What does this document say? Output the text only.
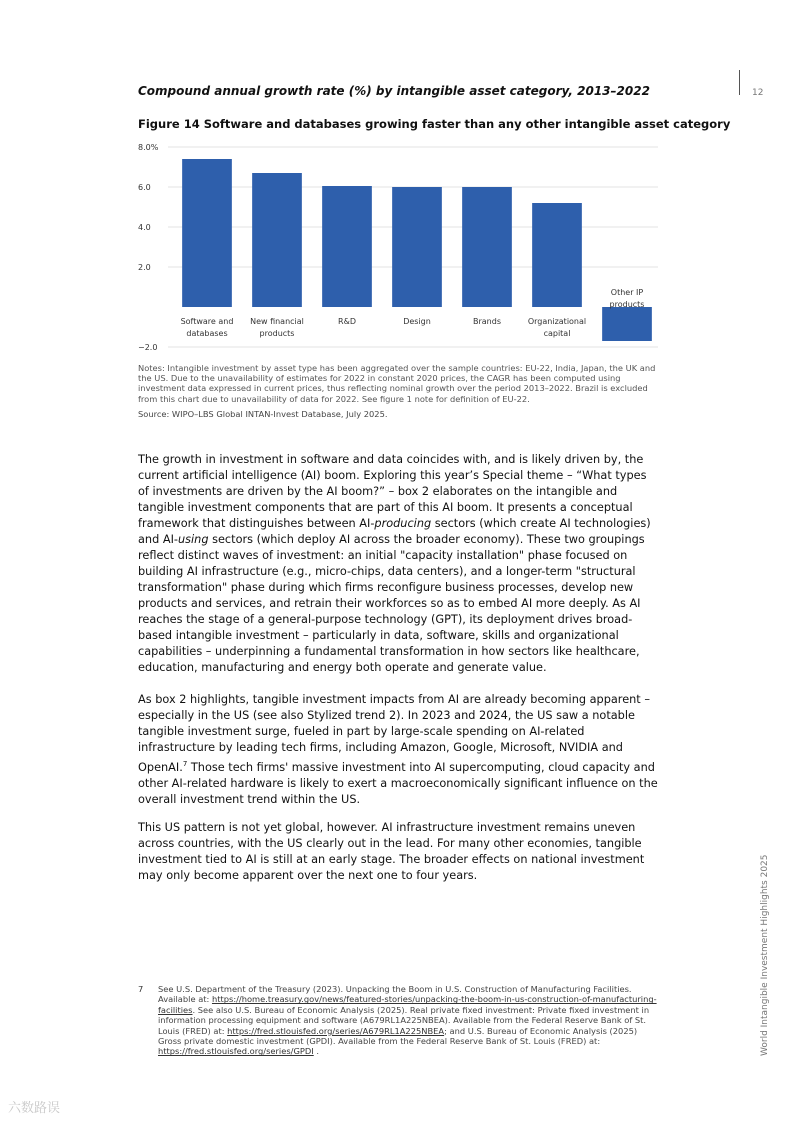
12
World Intangible Investment Highlights 2025
Compound annual growth rate (%) by intangible asset category, 2013–2022
Figure 14 Software and databases growing faster than any other intangible asset category
−2.0
2.0
4.0
6.0
8.0%
Software and
databases
New financial
products
R&D	Design	Brands	Organizational
capital
Other IP
products
Notes: Intangible investment by asset type has been aggregated over the sample countries: EU-22, India, Japan, the UK and the US. Due to the unavailability of estimates for 2022 in constant 2020 prices, the CAGR has been computed using investment data expressed in current prices, thus reflecting nominal growth over the period 2013–2022. Brazil is excluded from this chart due to unavailability of data for 2022. See figure 1 note for definition of EU-22.
Source: WIPO–LBS Global INTAN-Invest Database, July 2025.

The growth in investment in software and data coincides with, and is likely driven by, the current artificial intelligence (AI) boom. Exploring this year’s Special theme – “What types of investments are driven by the AI boom?” – box 2 elaborates on the intangible and tangible investment components that are part of this AI boom. It presents a conceptual framework that distinguishes between AI-producing sectors (which create AI technologies) and AI-using sectors (which deploy AI across the broader economy). These two groupings reflect distinct waves of investment: an initial "capacity installation" phase focused on building AI infrastructure (e.g., micro-chips, data centers), and a longer-term "structural transformation" phase during which firms reconfigure business processes, develop new products and services, and retrain their workforces so as to embed AI more deeply. As AI reaches the stage of a general-purpose technology (GPT), its deployment drives broad-based intangible investment – particularly in data, software, skills and organizational capabilities – underpinning a fundamental transformation in how sectors like healthcare, education, manufacturing and energy both operate and generate value.

As box 2 highlights, tangible investment impacts from AI are already becoming apparent – especially in the US (see also Stylized trend 2). In 2023 and 2024, the US saw a notable tangible investment surge, fueled in part by large-scale spending on AI-related infrastructure by leading tech firms, including Amazon, Google, Microsoft, NVIDIA and OpenAI.$^7$ Those tech firms' massive investment into AI supercomputing, cloud capacity and other AI-related hardware is likely to exert a macroeconomically significant influence on the overall investment trend within the US.

This US pattern is not yet global, however. AI infrastructure investment remains uneven across countries, with the US clearly out in the lead. For many other economies, tangible investment tied to AI is still at an early stage. The broader effects on national investment may only become apparent over the next one to four years.

7 See U.S. Department of the Treasury (2023). Unpacking the Boom in U.S. Construction of Manufacturing Facilities. Available at: https://home.treasury.gov/news/featured-stories/unpacking-the-boom-in-us-construction-of-manufacturing-facilities. See also U.S. Bureau of Economic Analysis (2025). Real private fixed investment: Private fixed investment in information processing equipment and software (A679RL1A225NBEA). Available from the Federal Reserve Bank of St. Louis (FRED) at: https://fred.stlouisfed.org/series/A679RL1A225NBEA; and U.S. Bureau of Economic Analysis (2025) Gross private domestic investment (GPDI). Available from the Federal Reserve Bank of St. Louis (FRED) at: https://fred.stlouisfed.org/series/GPDI .
六数路误
